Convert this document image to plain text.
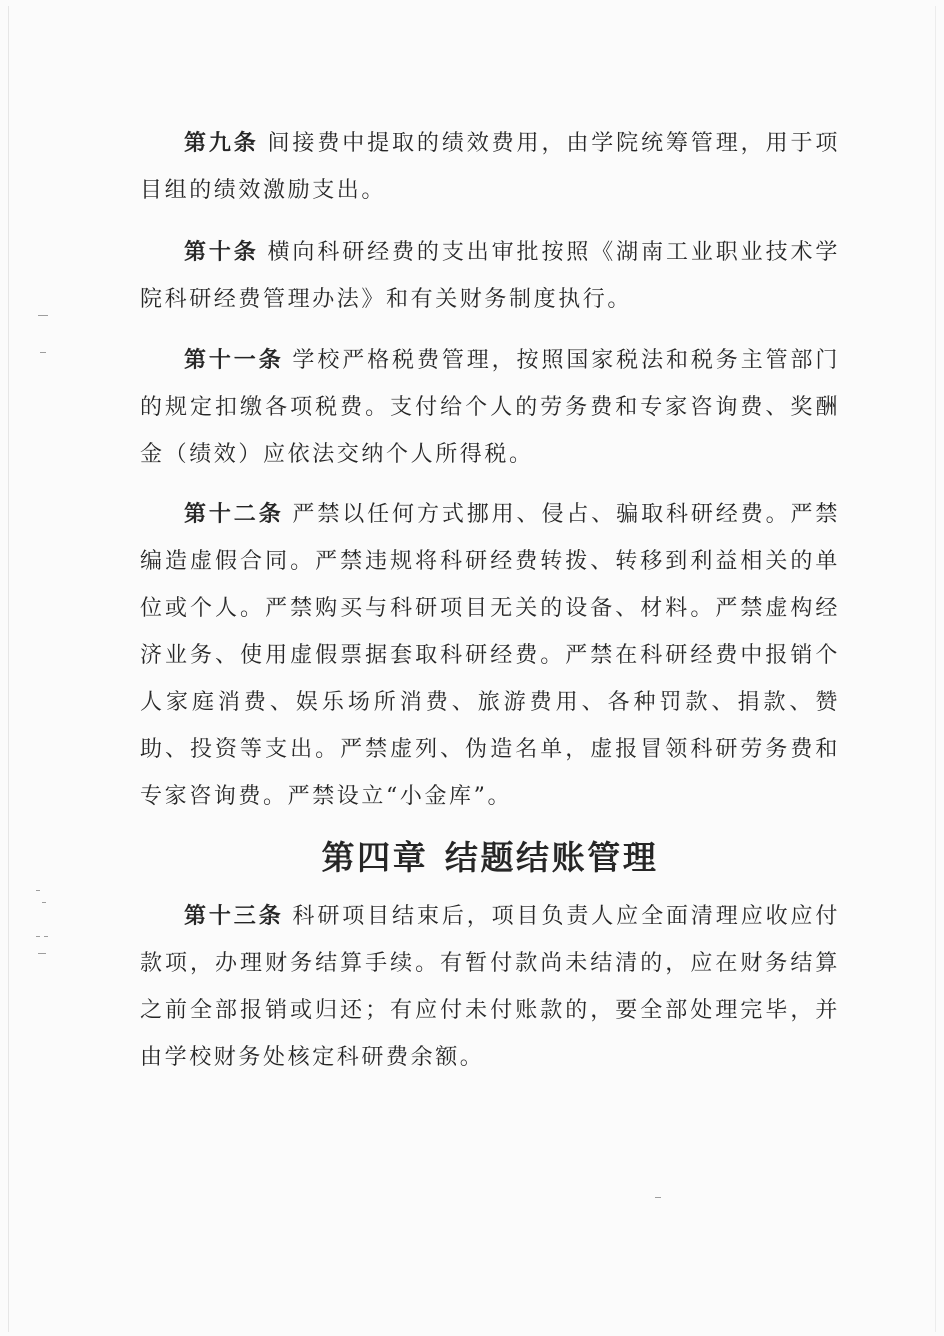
第九条 间接费中提取的绩效费用，由学院统筹管理，用于项目组的绩效激励支出。

第十条 横向科研经费的支出审批按照《湖南工业职业技术学院科研经费管理办法》和有关财务制度执行。

第十一条 学校严格税费管理，按照国家税法和税务主管部门的规定扣缴各项税费。支付给个人的劳务费和专家咨询费、奖酬金（绩效）应依法交纳个人所得税。

第十二条 严禁以任何方式挪用、侵占、骗取科研经费。严禁编造虚假合同。严禁违规将科研经费转拨、转移到利益相关的单位或个人。严禁购买与科研项目无关的设备、材料。严禁虚构经济业务、使用虚假票据套取科研经费。严禁在科研经费中报销个人家庭消费、娱乐场所消费、旅游费用、各种罚款、捐款、赞助、投资等支出。严禁虚列、伪造名单，虚报冒领科研劳务费和专家咨询费。严禁设立“小金库”。

第四章 结题结账管理

第十三条 科研项目结束后，项目负责人应全面清理应收应付款项，办理财务结算手续。有暂付款尚未结清的，应在财务结算之前全部报销或归还；有应付未付账款的，要全部处理完毕，并由学校财务处核定科研费余额。
